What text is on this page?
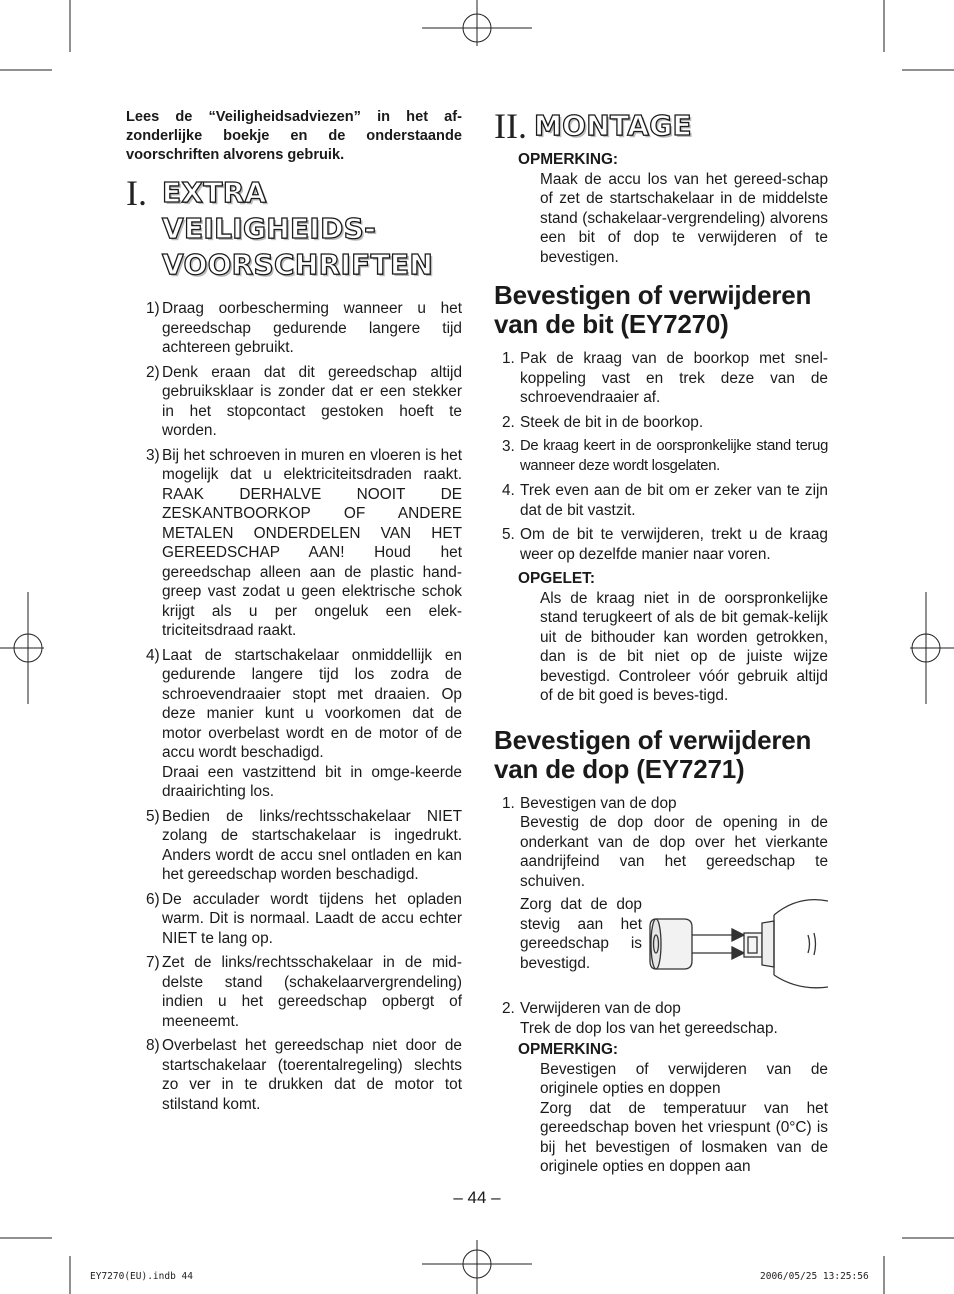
Lees de “Veiligheidsadviezen” in het af-zonderlijke boekje en de onderstaande voorschriften alvorens gebruik.

I. EXTRA VEILIGHEIDS-
VOORSCHRIFTEN
1) Draag oorbescherming wanneer u het gereedschap gedurende langere tijd achtereen gebruikt.
2) Denk eraan dat dit gereedschap altijd gebruiksklaar is zonder dat er een stekker in het stopcontact gestoken hoeft te worden.
3) Bij het schroeven in muren en vloeren is het mogelijk dat u elektriciteitsdraden raakt. RAAK DERHALVE NOOIT DE ZESKANTBOORKOP OF ANDERE METALEN ONDERDELEN VAN HET GEREEDSCHAP AAN! Houd het gereedschap alleen aan de plastic hand-greep vast zodat u geen elektrische schok krijgt als u per ongeluk een elek-triciteitsdraad raakt.
4) Laat de startschakelaar onmiddellijk en gedurende langere tijd los zodra de schroevendraaier stopt met draaien. Op deze manier kunt u voorkomen dat de motor overbelast wordt en de motor of de accu wordt beschadigd.
Draai een vastzittend bit in omge-keerde draairichting los.
5) Bedien de links/rechtsschakelaar NIET zolang de startschakelaar is ingedrukt. Anders wordt de accu snel ontladen en kan het gereedschap worden beschadigd.
6) De acculader wordt tijdens het opladen warm. Dit is normaal. Laadt de accu echter NIET te lang op.
7) Zet de links/rechtsschakelaar in de mid-delste stand (schakelaarvergrendeling) indien u het gereedschap opbergt of meeneemt.
8) Overbelast het gereedschap niet door de startschakelaar (toerentalregeling) slechts zo ver in te drukken dat de motor tot stilstand komt.
II. MONTAGE
OPMERKING:
Maak de accu los van het gereed-schap of zet de startschakelaar in de middelste stand (schakelaar-vergrendeling) alvorens een bit of dop te verwijderen of te bevestigen.
Bevestigen of verwijderen van de bit (EY7270)
1. Pak de kraag van de boorkop met snel-koppeling vast en trek deze van de schroevendraaier af.
2. Steek de bit in de boorkop.
3. De kraag keert in de oorspronkelijke stand terug wanneer deze wordt losgelaten.
4. Trek even aan de bit om er zeker van te zijn dat de bit vastzit.
5. Om de bit te verwijderen, trekt u de kraag weer op dezelfde manier naar voren.
OPGELET:
Als de kraag niet in de oorspronkelijke stand terugkeert of als de bit gemak-kelijk uit de bithouder kan worden getrokken, dan is de bit niet op de juiste wijze bevestigd. Controleer vóór gebruik altijd of de bit goed is beves-tigd.
Bevestigen of verwijderen van de dop (EY7271)
1. Bevestigen van de dop
Bevestig de dop door de opening in de onderkant van de dop over het vierkante aandrijfeind van het gereedschap te schuiven.
Zorg dat de dop stevig aan het gereedschap is bevestigd.
2. Verwijderen van de dop
Trek de dop los van het gereedschap.
OPMERKING:
Bevestigen of verwijderen van de originele opties en doppen
Zorg dat de temperatuur van het gereedschap boven het vriespunt (0°C) is bij het bevestigen of losmaken van de originele opties en doppen aan
– 44 –
EY7270(EU).indb 44	2006/05/25 13:25:56
